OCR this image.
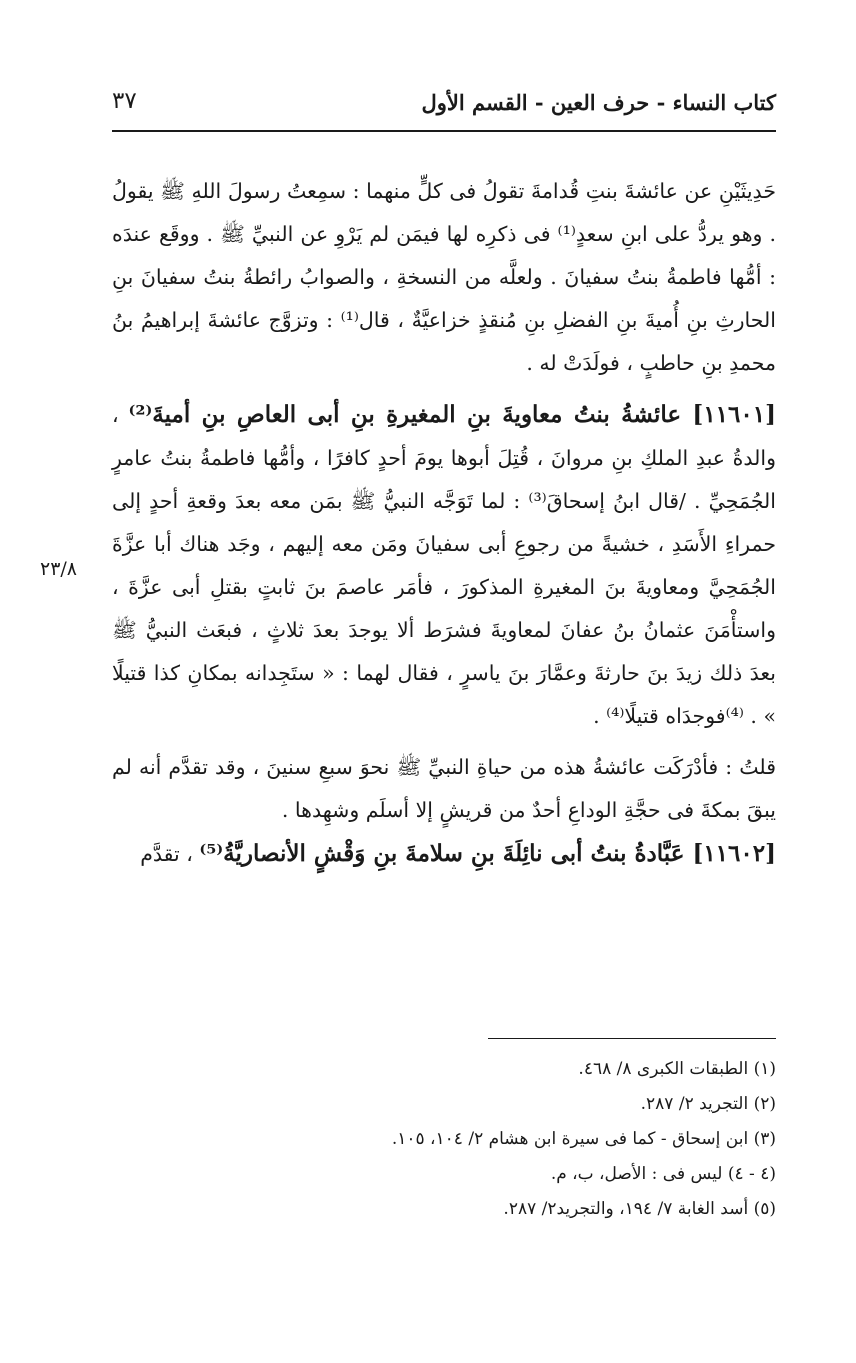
كتاب النساء - حرف العين - القسم الأول
٣٧
٢٣/٨

حَدِيثَيْنِ عن عائشةَ بنتِ قُدامةَ تقولُ فى كلٍّ منهما : سمِعتُ رسولَ اللهِ ﷺ يقولُ . وهو يردُّ على ابنِ سعدٍ⁽¹⁾ فى ذكرِه لها فيمَن لم يَرْوِ عن النبيِّ ﷺ . ووقَع عندَه : أمُّها فاطمةُ بنتُ سفيانَ . ولعلَّه من النسخةِ ، والصوابُ رائطةُ بنتُ سفيانَ بنِ الحارثِ بنِ أُميةَ بنِ الفضلِ بنِ مُنقذٍ خزاعيَّةٌ ، قال⁽¹⁾ : وتزوَّج عائشةَ إبراهيمُ بنُ محمدِ بنِ حاطبٍ ، فولَدَتْ له .

[١١٦٠١] عائشةُ بنتُ معاويةَ بنِ المغيرةِ بنِ أبى العاصِ بنِ أميةَ⁽²⁾ ، والدةُ عبدِ الملكِ بنِ مروانَ ، قُتِلَ أبوها يومَ أحدٍ كافرًا ، وأمُّها فاطمةُ بنتُ عامرٍ الجُمَحِيِّ . /قال ابنُ إسحاقَ⁽³⁾ : لما تَوَجَّه النبيُّ ﷺ بمَن معه بعدَ وقعةِ أحدٍ إلى حمراءِ الأَسَدِ ، خشيةً من رجوعِ أبى سفيانَ ومَن معه إليهم ، وجَد هناك أبا عزَّةَ الجُمَحِيَّ ومعاويةَ بنَ المغيرةِ المذكورَ ، فأمَر عاصمَ بنَ ثابتٍ بقتلِ أبى عزَّةَ ، واستأْمَنَ عثمانُ بنُ عفانَ لمعاويةَ فشرَط ألا يوجدَ بعدَ ثلاثٍ ، فبعَث النبيُّ ﷺ بعدَ ذلك زيدَ بنَ حارثةَ وعمَّارَ بنَ ياسرٍ ، فقال لهما : « ستَجِدانه بمكانِ كذا قتيلًا » . ⁽⁴⁾فوجدَاه قتيلًا⁽⁴⁾ .

قلتُ : فأدْرَكَت عائشةُ هذه من حياةِ النبيِّ ﷺ نحوَ سبعِ سنينَ ، وقد تقدَّم أنه لم يبقَ بمكةَ فى حجَّةِ الوداعِ أحدٌ من قريشٍ إلا أسلَم وشهِدها .

[١١٦٠٢] عَبَّادةُ بنتُ أبى نائِلَةَ بنِ سلامةَ بنِ وَقْشٍ الأنصاريَّةُ⁽⁵⁾ ، تقدَّم

(١) الطبقات الكبرى ٨/ ٤٦٨.
(٢) التجريد ٢/ ٢٨٧.
(٣) ابن إسحاق - كما فى سيرة ابن هشام ٢/ ١٠٤، ١٠٥.
(٤ - ٤) ليس فى : الأصل، ب، م.
(٥) أسد الغابة ٧/ ١٩٤، والتجريد٢/ ٢٨٧.
